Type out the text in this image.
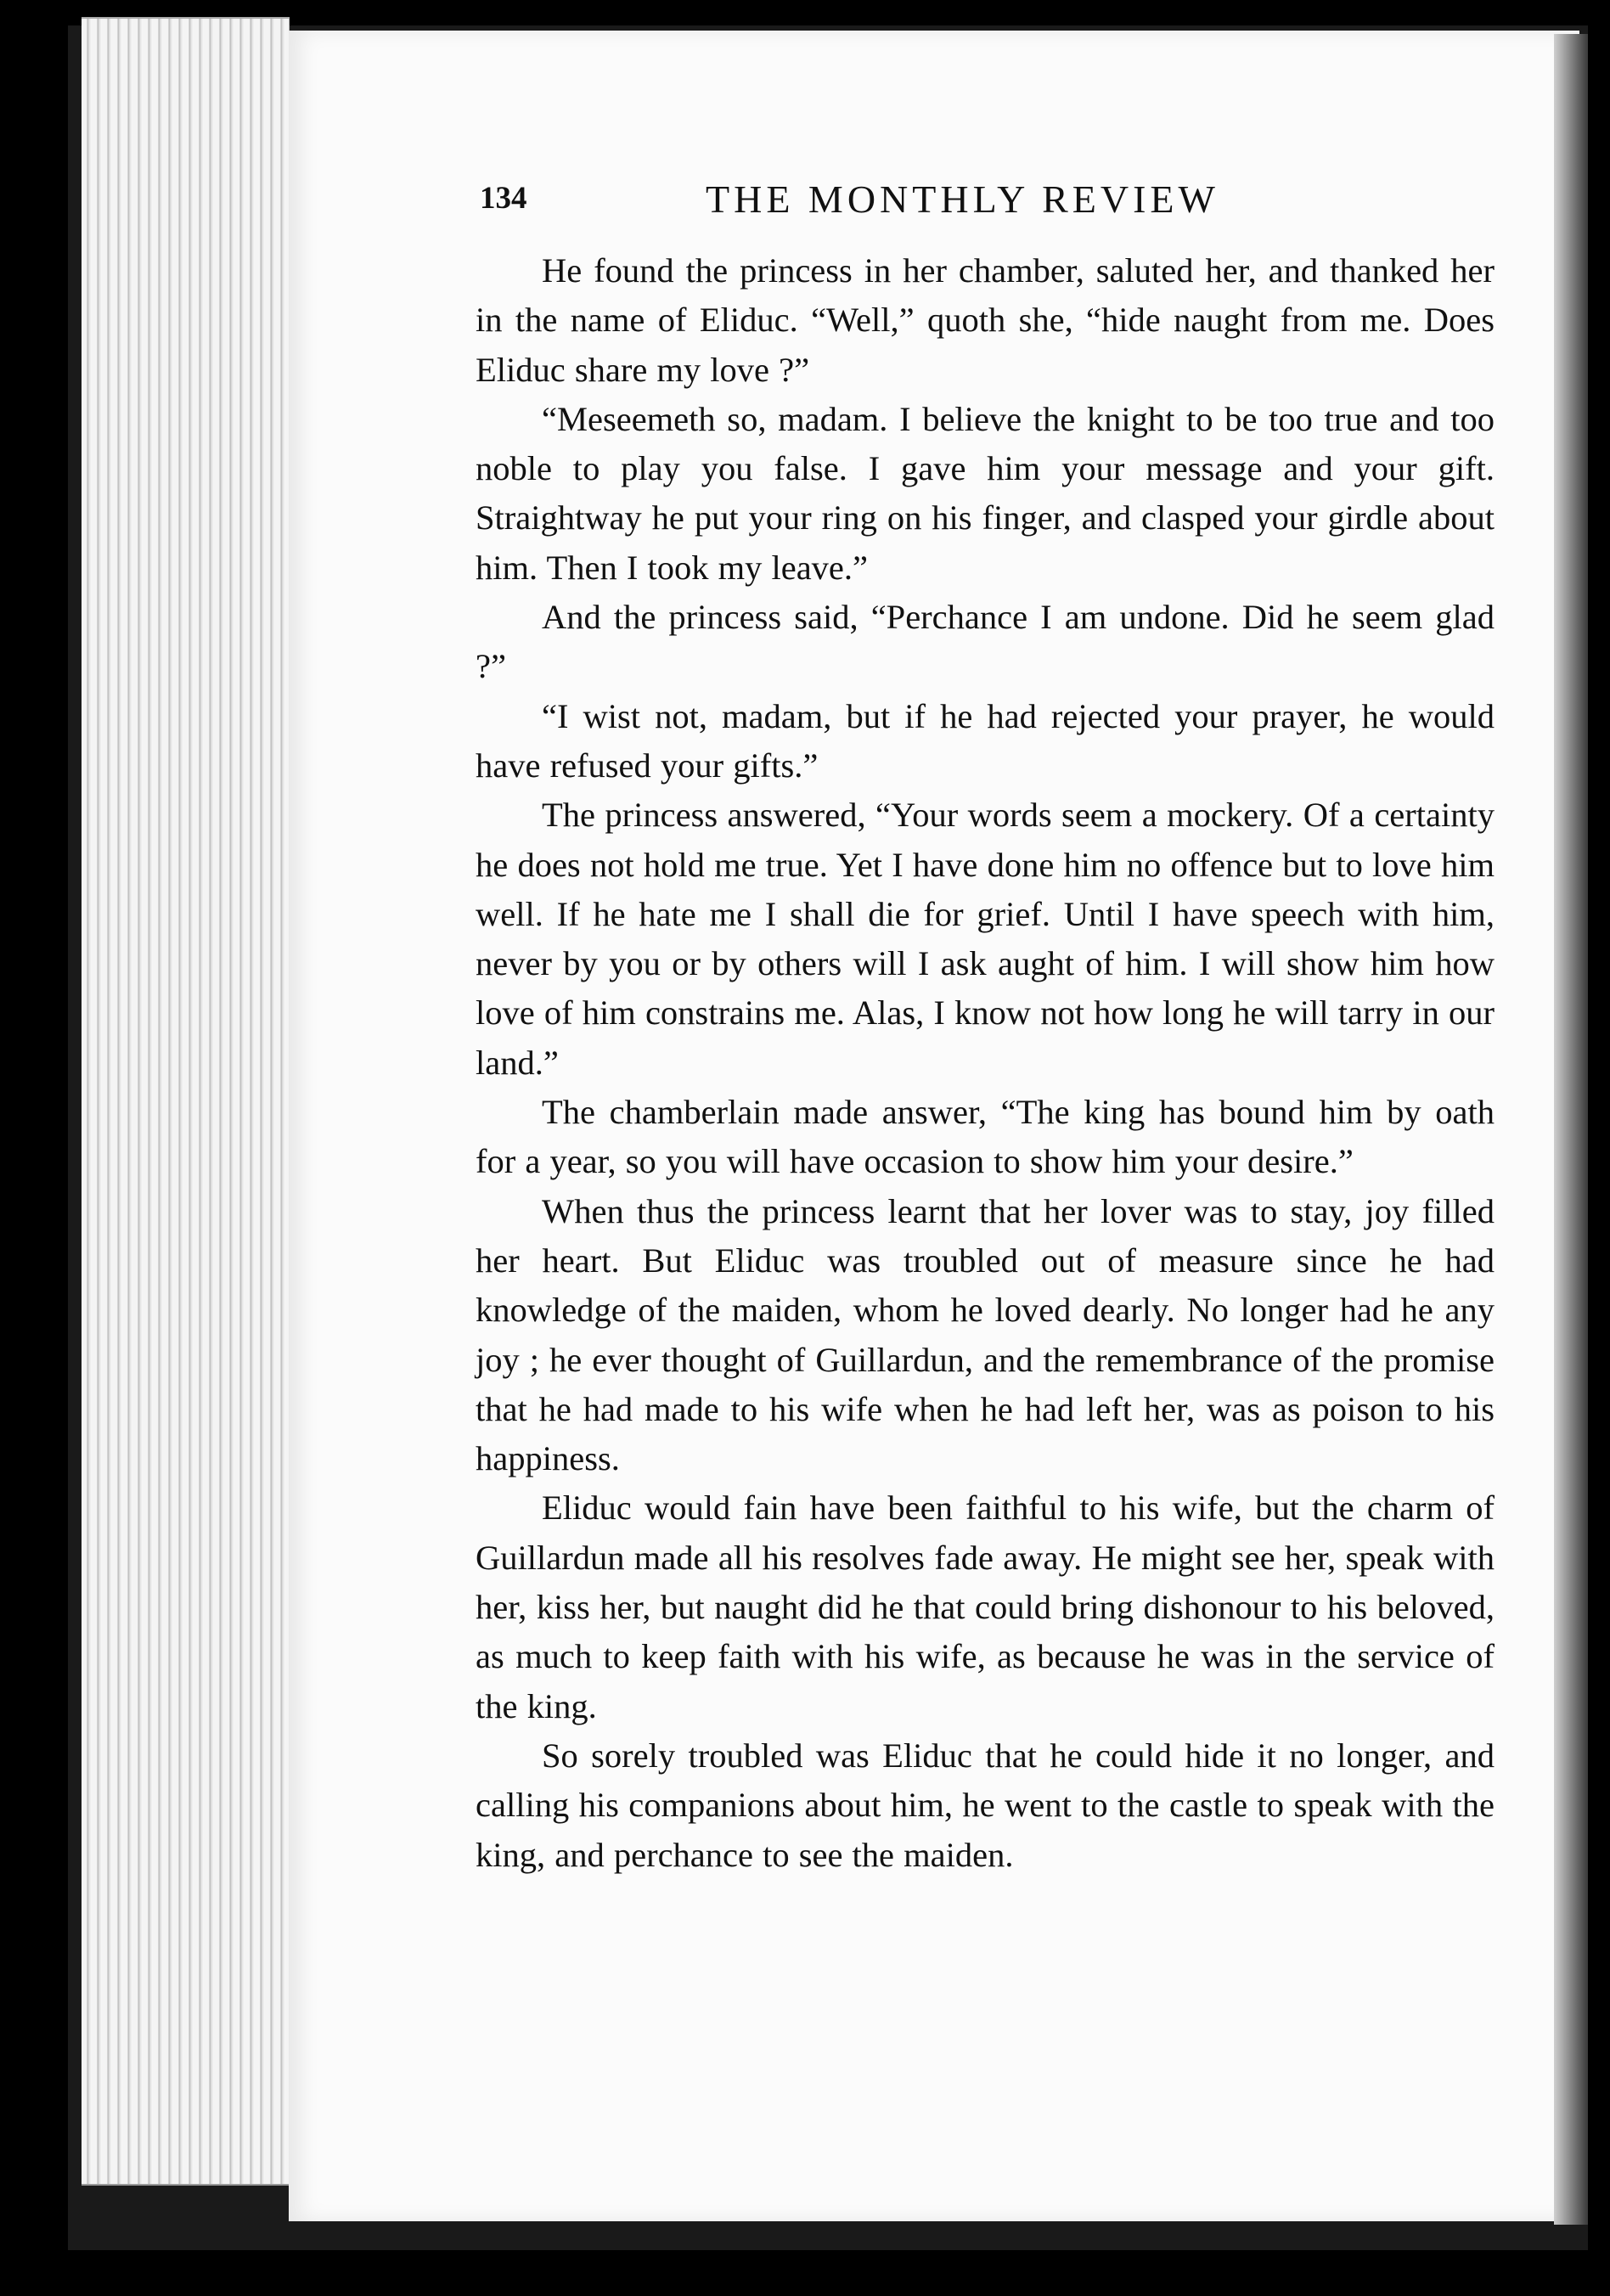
134	THE MONTHLY REVIEW

He found the princess in her chamber, saluted her, and thanked her in the name of Eliduc. “Well,” quoth she, “hide naught from me. Does Eliduc share my love ?”

“Meseemeth so, madam. I believe the knight to be too true and too noble to play you false. I gave him your message and your gift. Straightway he put your ring on his finger, and clasped your girdle about him. Then I took my leave.”

And the princess said, “Perchance I am undone. Did he seem glad ?”

“I wist not, madam, but if he had rejected your prayer, he would have refused your gifts.”

The princess answered, “Your words seem a mockery. Of a certainty he does not hold me true. Yet I have done him no offence but to love him well. If he hate me I shall die for grief. Until I have speech with him, never by you or by others will I ask aught of him. I will show him how love of him constrains me. Alas, I know not how long he will tarry in our land.”

The chamberlain made answer, “The king has bound him by oath for a year, so you will have occasion to show him your desire.”

When thus the princess learnt that her lover was to stay, joy filled her heart. But Eliduc was troubled out of measure since he had knowledge of the maiden, whom he loved dearly. No longer had he any joy ; he ever thought of Guillardun, and the remembrance of the promise that he had made to his wife when he had left her, was as poison to his happiness.

Eliduc would fain have been faithful to his wife, but the charm of Guillardun made all his resolves fade away. He might see her, speak with her, kiss her, but naught did he that could bring dishonour to his beloved, as much to keep faith with his wife, as because he was in the service of the king.

So sorely troubled was Eliduc that he could hide it no longer, and calling his companions about him, he went to the castle to speak with the king, and perchance to see the maiden.
